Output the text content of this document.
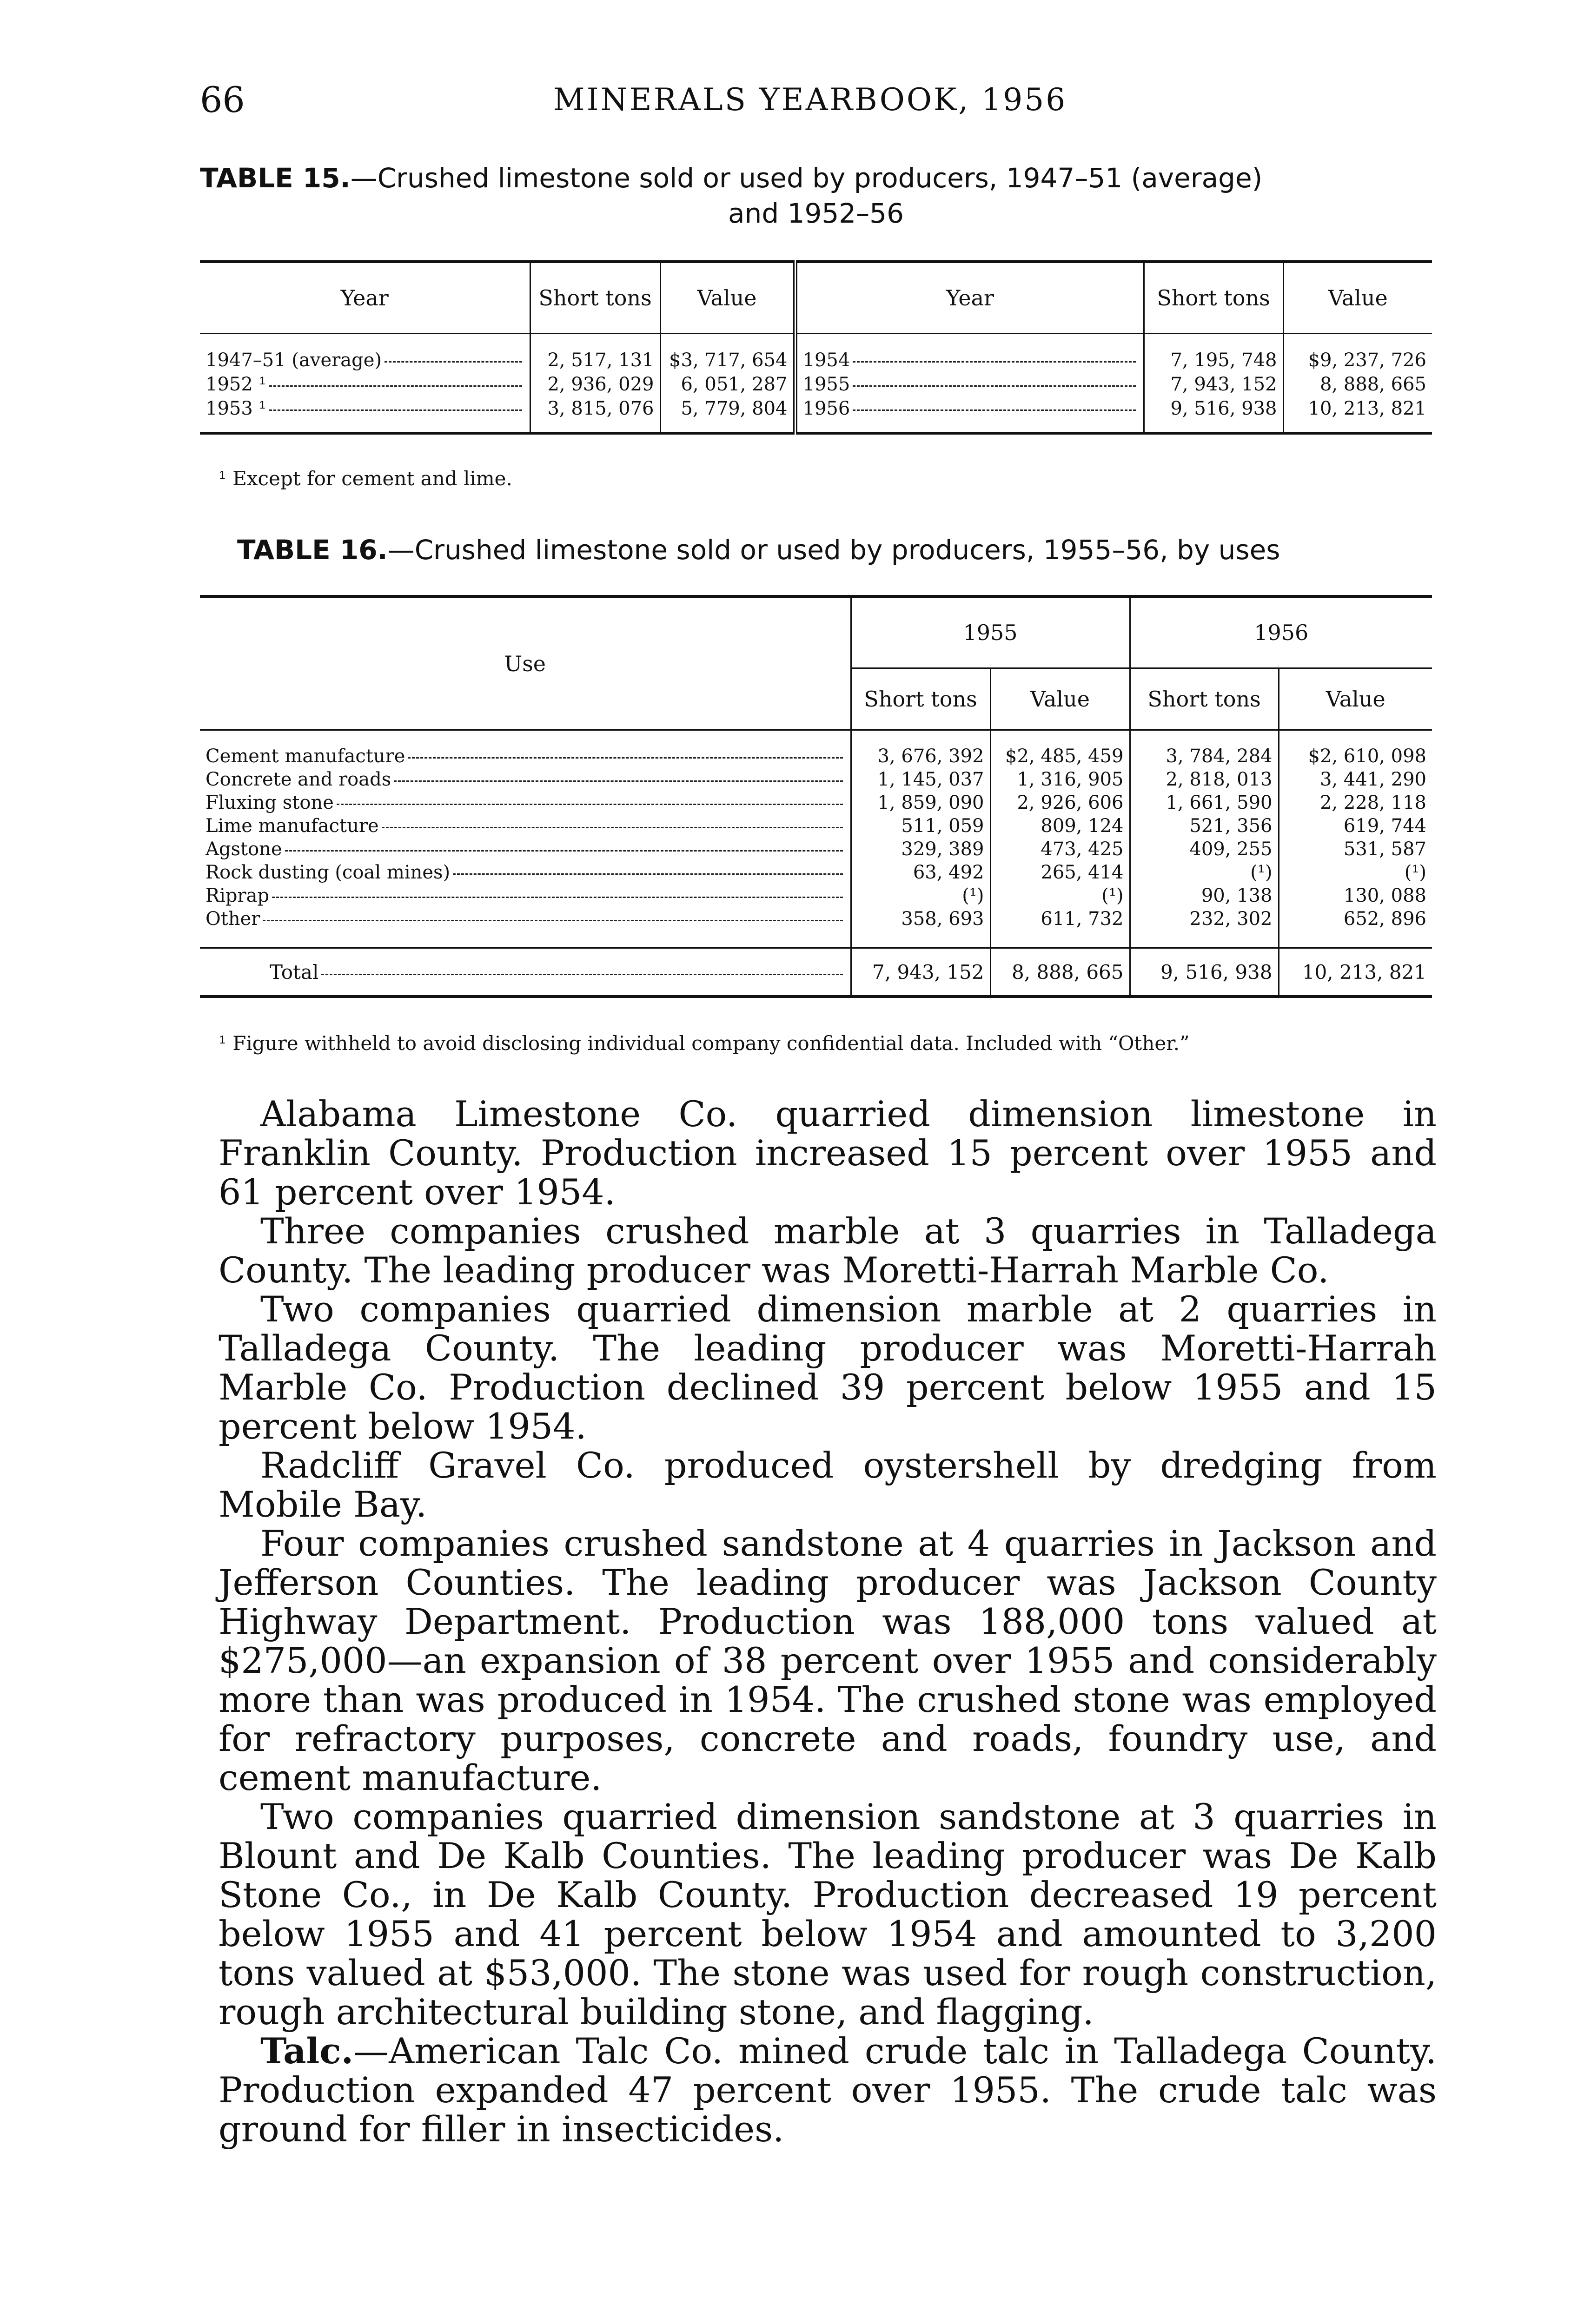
66	MINERALS YEARBOOK, 1956
TABLE 15.—Crushed limestone sold or used by producers, 1947–51 (average)
and 1952–56
Year	Short tons	Value	Year	Short tons	Value

1947–51 (average)	2, 517, 131	$3, 717, 654	1954	7, 195, 748	$9, 237, 726

1952 ¹	2, 936, 029	6, 051, 287	1955	7, 943, 152	8, 888, 665

1953 ¹	3, 815, 076	5, 779, 804	1956	9, 516, 938	10, 213, 821
¹ Except for cement and lime.
TABLE 16.—Crushed limestone sold or used by producers, 1955–56, by uses
Use	1955		1956	
	Short tons	Value	Short tons	Value

Cement manufacture	3, 676, 392	$2, 485, 459	3, 784, 284	$2, 610, 098

Concrete and roads	1, 145, 037	1, 316, 905	2, 818, 013	3, 441, 290

Fluxing stone	1, 859, 090	2, 926, 606	1, 661, 590	2, 228, 118

Lime manufacture	511, 059	809, 124	521, 356	619, 744

Agstone	329, 389	473, 425	409, 255	531, 587

Rock dusting (coal mines)	63, 492	265, 414	(¹)	(¹)

Riprap	(¹)	(¹)	90, 138	130, 088

Other	358, 693	611, 732	232, 302	652, 896

Total	7, 943, 152	8, 888, 665	9, 516, 938	10, 213, 821
¹ Figure withheld to avoid disclosing individual company confidential data. Included with “Other.”

Alabama Limestone Co. quarried dimension limestone in Franklin County. Production increased 15 percent over 1955 and 61 percent over 1954.

Three companies crushed marble at 3 quarries in Talladega County. The leading producer was Moretti-Harrah Marble Co.

Two companies quarried dimension marble at 2 quarries in Talladega County. The leading producer was Moretti-Harrah Marble Co. Production declined 39 percent below 1955 and 15 percent below 1954.

Radcliff Gravel Co. produced oystershell by dredging from Mobile Bay.

Four companies crushed sandstone at 4 quarries in Jackson and Jefferson Counties. The leading producer was Jackson County Highway Department. Production was 188,000 tons valued at $275,000—an expansion of 38 percent over 1955 and considerably more than was produced in 1954. The crushed stone was employed for refractory purposes, concrete and roads, foundry use, and cement manufacture.

Two companies quarried dimension sandstone at 3 quarries in Blount and De Kalb Counties. The leading producer was De Kalb Stone Co., in De Kalb County. Production decreased 19 percent below 1955 and 41 percent below 1954 and amounted to 3,200 tons valued at $53,000. The stone was used for rough construction, rough architectural building stone, and flagging.

Talc.—American Talc Co. mined crude talc in Talladega County. Production expanded 47 percent over 1955. The crude talc was ground for filler in insecticides.
